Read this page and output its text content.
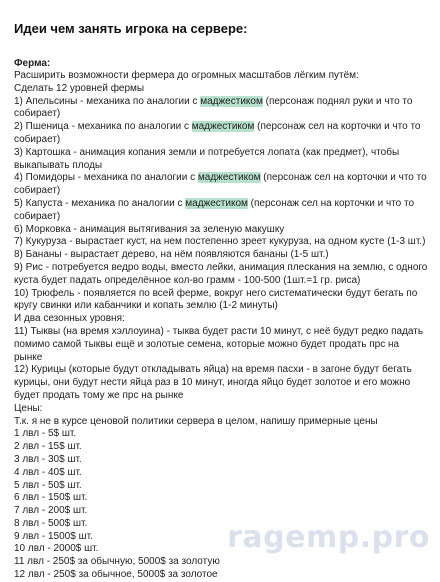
Идеи чем занять игрока на сервере:

Ферма:

Расширить возможности фермера до огромных масштабов лёгким путём:

Сделать 12 уровней фермы

1) Апельсины - механика по аналогии с маджестиком (персонаж поднял руки и что то собирает)

2) Пшеница - механика по аналогии с маджестиком (персонаж сел на корточки и что то собирает)

3) Картошка - анимация копания земли и потребуется лопата (как предмет), чтобы выкапывать плоды

4) Помидоры - механика по аналогии с маджестиком (персонаж сел на корточки и что то собирает)

5) Капуста - механика по аналогии с маджестиком (персонаж сел на корточки и что то собирает)

6) Морковка - анимация вытягивания за зеленую макушку

7) Кукуруза - вырастает куст, на нем постепенно зреет кукуруза, на одном кусте (1-3 шт.)

8) Бананы - вырастает дерево, на нём появляются бананы (1-5 шт.)

9) Рис - потребуется ведро воды, вместо лейки, анимация плескания на землю, с одного куста будет падать определённое кол-во грамм - 100-500 (1шт.=1 гр. риса)

10) Трюфель - появляется по всей ферме, вокруг него систематически будут бегать по кругу свинки или кабанчики и копать землю (1-2 минуты)

И два сезонных уровня:

11) Тыквы (на время хэллоуина) - тыква будет расти 10 минут, с неё будут редко падать помимо самой тыквы ещё и золотые семена, которые можно будет продать прс на рынке

12) Курицы (которые будут откладывать яйца) на время пасхи - в загоне будут бегать курицы, они будут нести яйца раз в 10 минут, иногда яйцо будет золотое и его можно будет продать тому же прс на рынке

Цены:

Т.к. я не в курсе ценовой политики сервера в целом, напишу примерные цены

1 лвл - 5$ шт.

2 лвл - 15$ шт.

3 лвл - 30$ шт.

4 лвл - 40$ шт.

5 лвл - 50$ шт.

6 лвл - 150$ шт.

7 лвл - 200$ шт.

8 лвл - 500$ шт.

9 лвл - 1500$ шт.

10 лвл - 2000$ шт.

11 лвл - 250$ за обычную, 5000$ за золотую

12 лвл - 250$ за обычное, 5000$ за золотое

ragemp.pro
